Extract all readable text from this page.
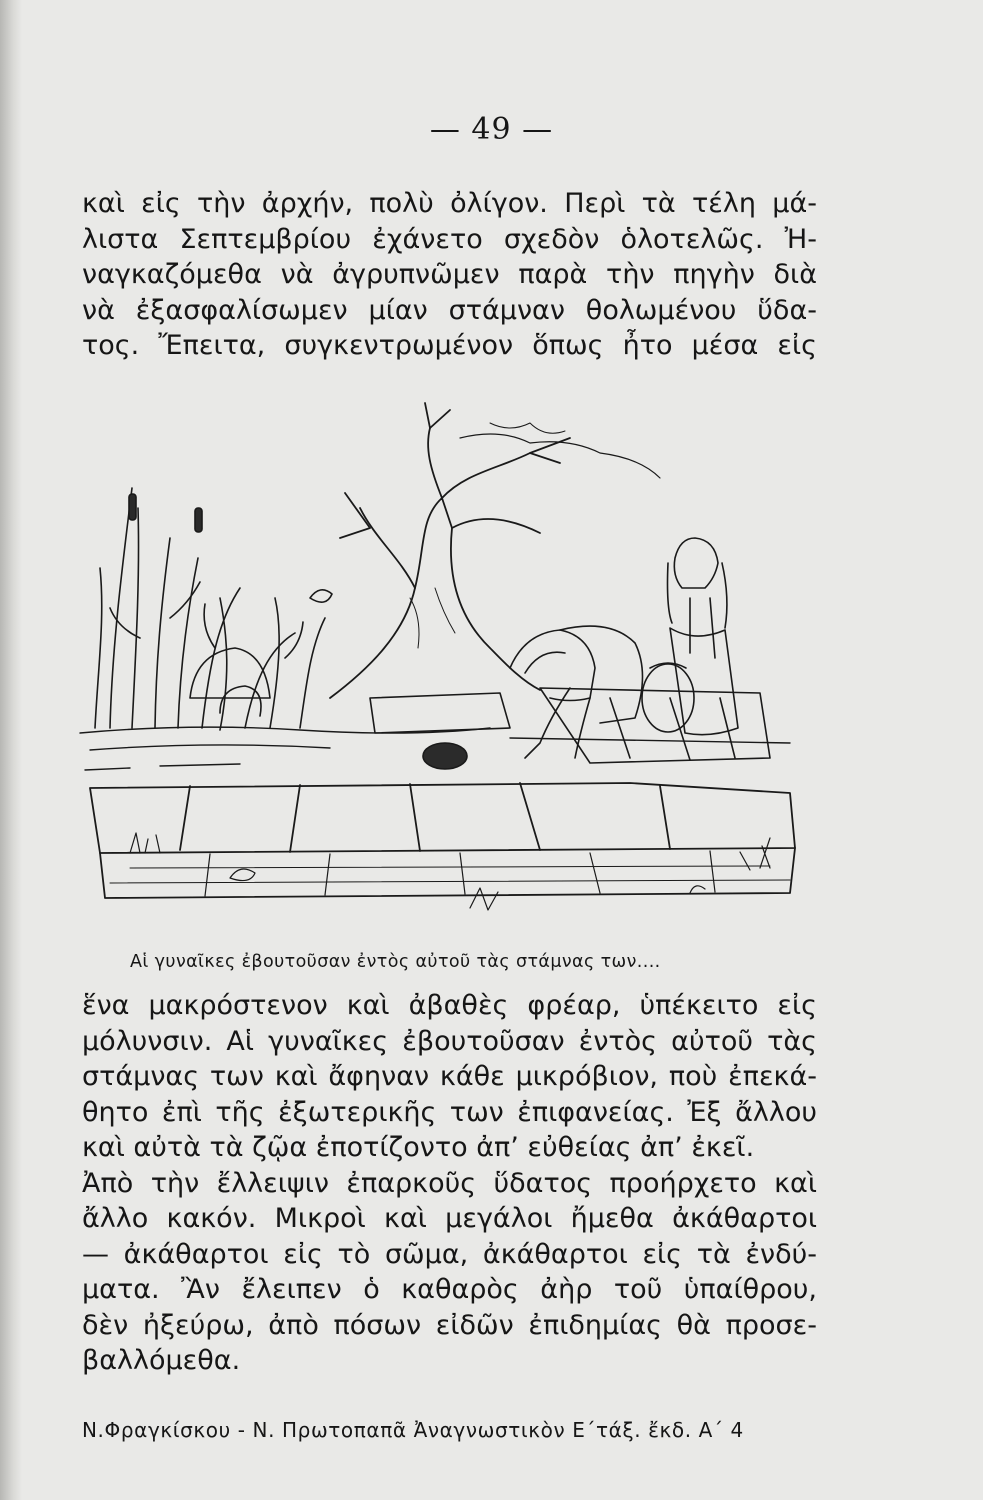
— 49 —
καὶ εἰς τὴν ἀρχήν, πολὺ ὀλίγον. Περὶ τὰ τέλη μά-
λιστα Σεπτεμβρίου ἐχάνετο σχεδὸν ὁλοτελῶς. Ἠ-
ναγκαζόμεθα νὰ ἀγρυπνῶμεν παρὰ τὴν πηγὴν διὰ
νὰ ἐξασφαλίσωμεν μίαν στάμναν θολωμένου ὕδα-
τος. Ἔπειτα, συγκεντρωμένον ὅπως ἦτο μέσα εἰς
Αἱ γυναῖκες ἐβουτοῦσαν ἐντὸς αὐτοῦ τὰς στάμνας των....
ἕνα μακρόστενον καὶ ἀβαθὲς φρέαρ, ὑπέκειτο εἰς
μόλυνσιν. Αἱ γυναῖκες ἐβουτοῦσαν ἐντὸς αὐτοῦ τὰς
στάμνας των καὶ ἄφηναν κάθε μικρόβιον, ποὺ ἐπεκά-
θητο ἐπὶ τῆς ἐξωτερικῆς των ἐπιφανείας. Ἐξ ἄλλου
καὶ αὐτὰ τὰ ζῷα ἐποτίζοντο ἀπ’ εὐθείας ἀπ’ ἐκεῖ.
Ἀπὸ τὴν ἔλλειψιν ἐπαρκοῦς ὕδατος προήρχετο καὶ
ἄλλο κακόν. Μικροὶ καὶ μεγάλοι ἤμεθα ἀκάθαρτοι
— ἀκάθαρτοι εἰς τὸ σῶμα, ἀκάθαρτοι εἰς τὰ ἐνδύ-
ματα. Ἂν ἔλειπεν ὁ καθαρὸς ἀὴρ τοῦ ὑπαίθρου,
δὲν ἠξεύρω, ἀπὸ πόσων εἰδῶν ἐπιδημίας θὰ προσε-
βαλλόμεθα.
Ν.Φραγκίσκου - Ν. Πρωτοπαπᾶ Ἀναγνωστικὸν Ε΄τάξ. ἔκδ. Α΄ 4
